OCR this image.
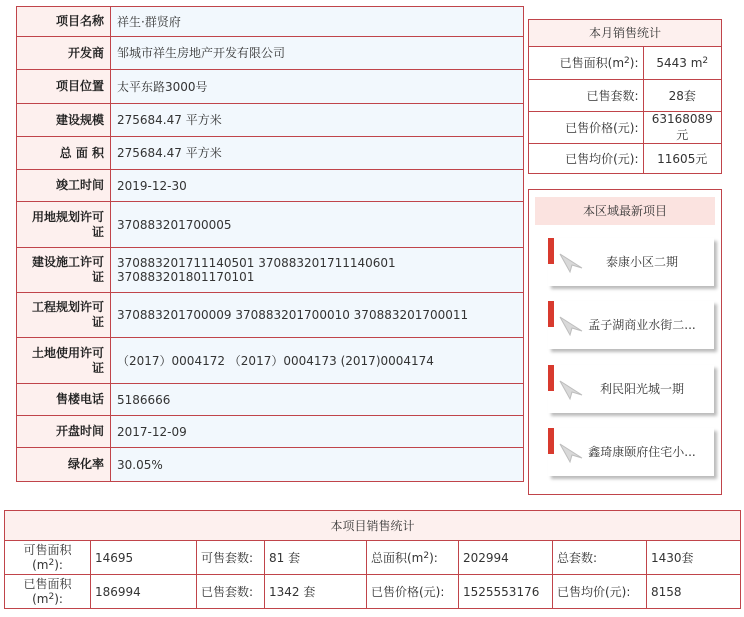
项目名称	祥生·群贤府
开发商	邹城市祥生房地产开发有限公司
项目位置	太平东路3000号
建设规模	275684.47 平方米
总 面 积	275684.47 平方米
竣工时间	2019-12-30
用地规划许可证	370883201700005
建设施工许可证	370883201711140501 370883201711140601 370883201801170101
工程规划许可证	370883201700009 370883201700010 370883201700011
土地使用许可证	（2017）0004172 （2017）0004173 (2017)0004174
售楼电话	5186666
开盘时间	2017-12-09
绿化率	30.05%
本月销售统计
已售面积$(m^2)$:	5443 $m^2$
已售套数:	28套
已售价格(元):	63168089元
已售均价(元):	11605元
本区域最新项目
泰康小区二期
孟子湖商业水街二...
利民阳光城一期
鑫琦康颐府住宅小...
本项目销售统计							
可售面积
$(m^2)$:	14695	可售套数:	81 套	总面积$(m^2)$:	202994	总套数:	1430套
已售面积
$(m^2)$:	186994	已售套数:	1342 套	已售价格(元):	1525553176	已售均价(元):	8158
